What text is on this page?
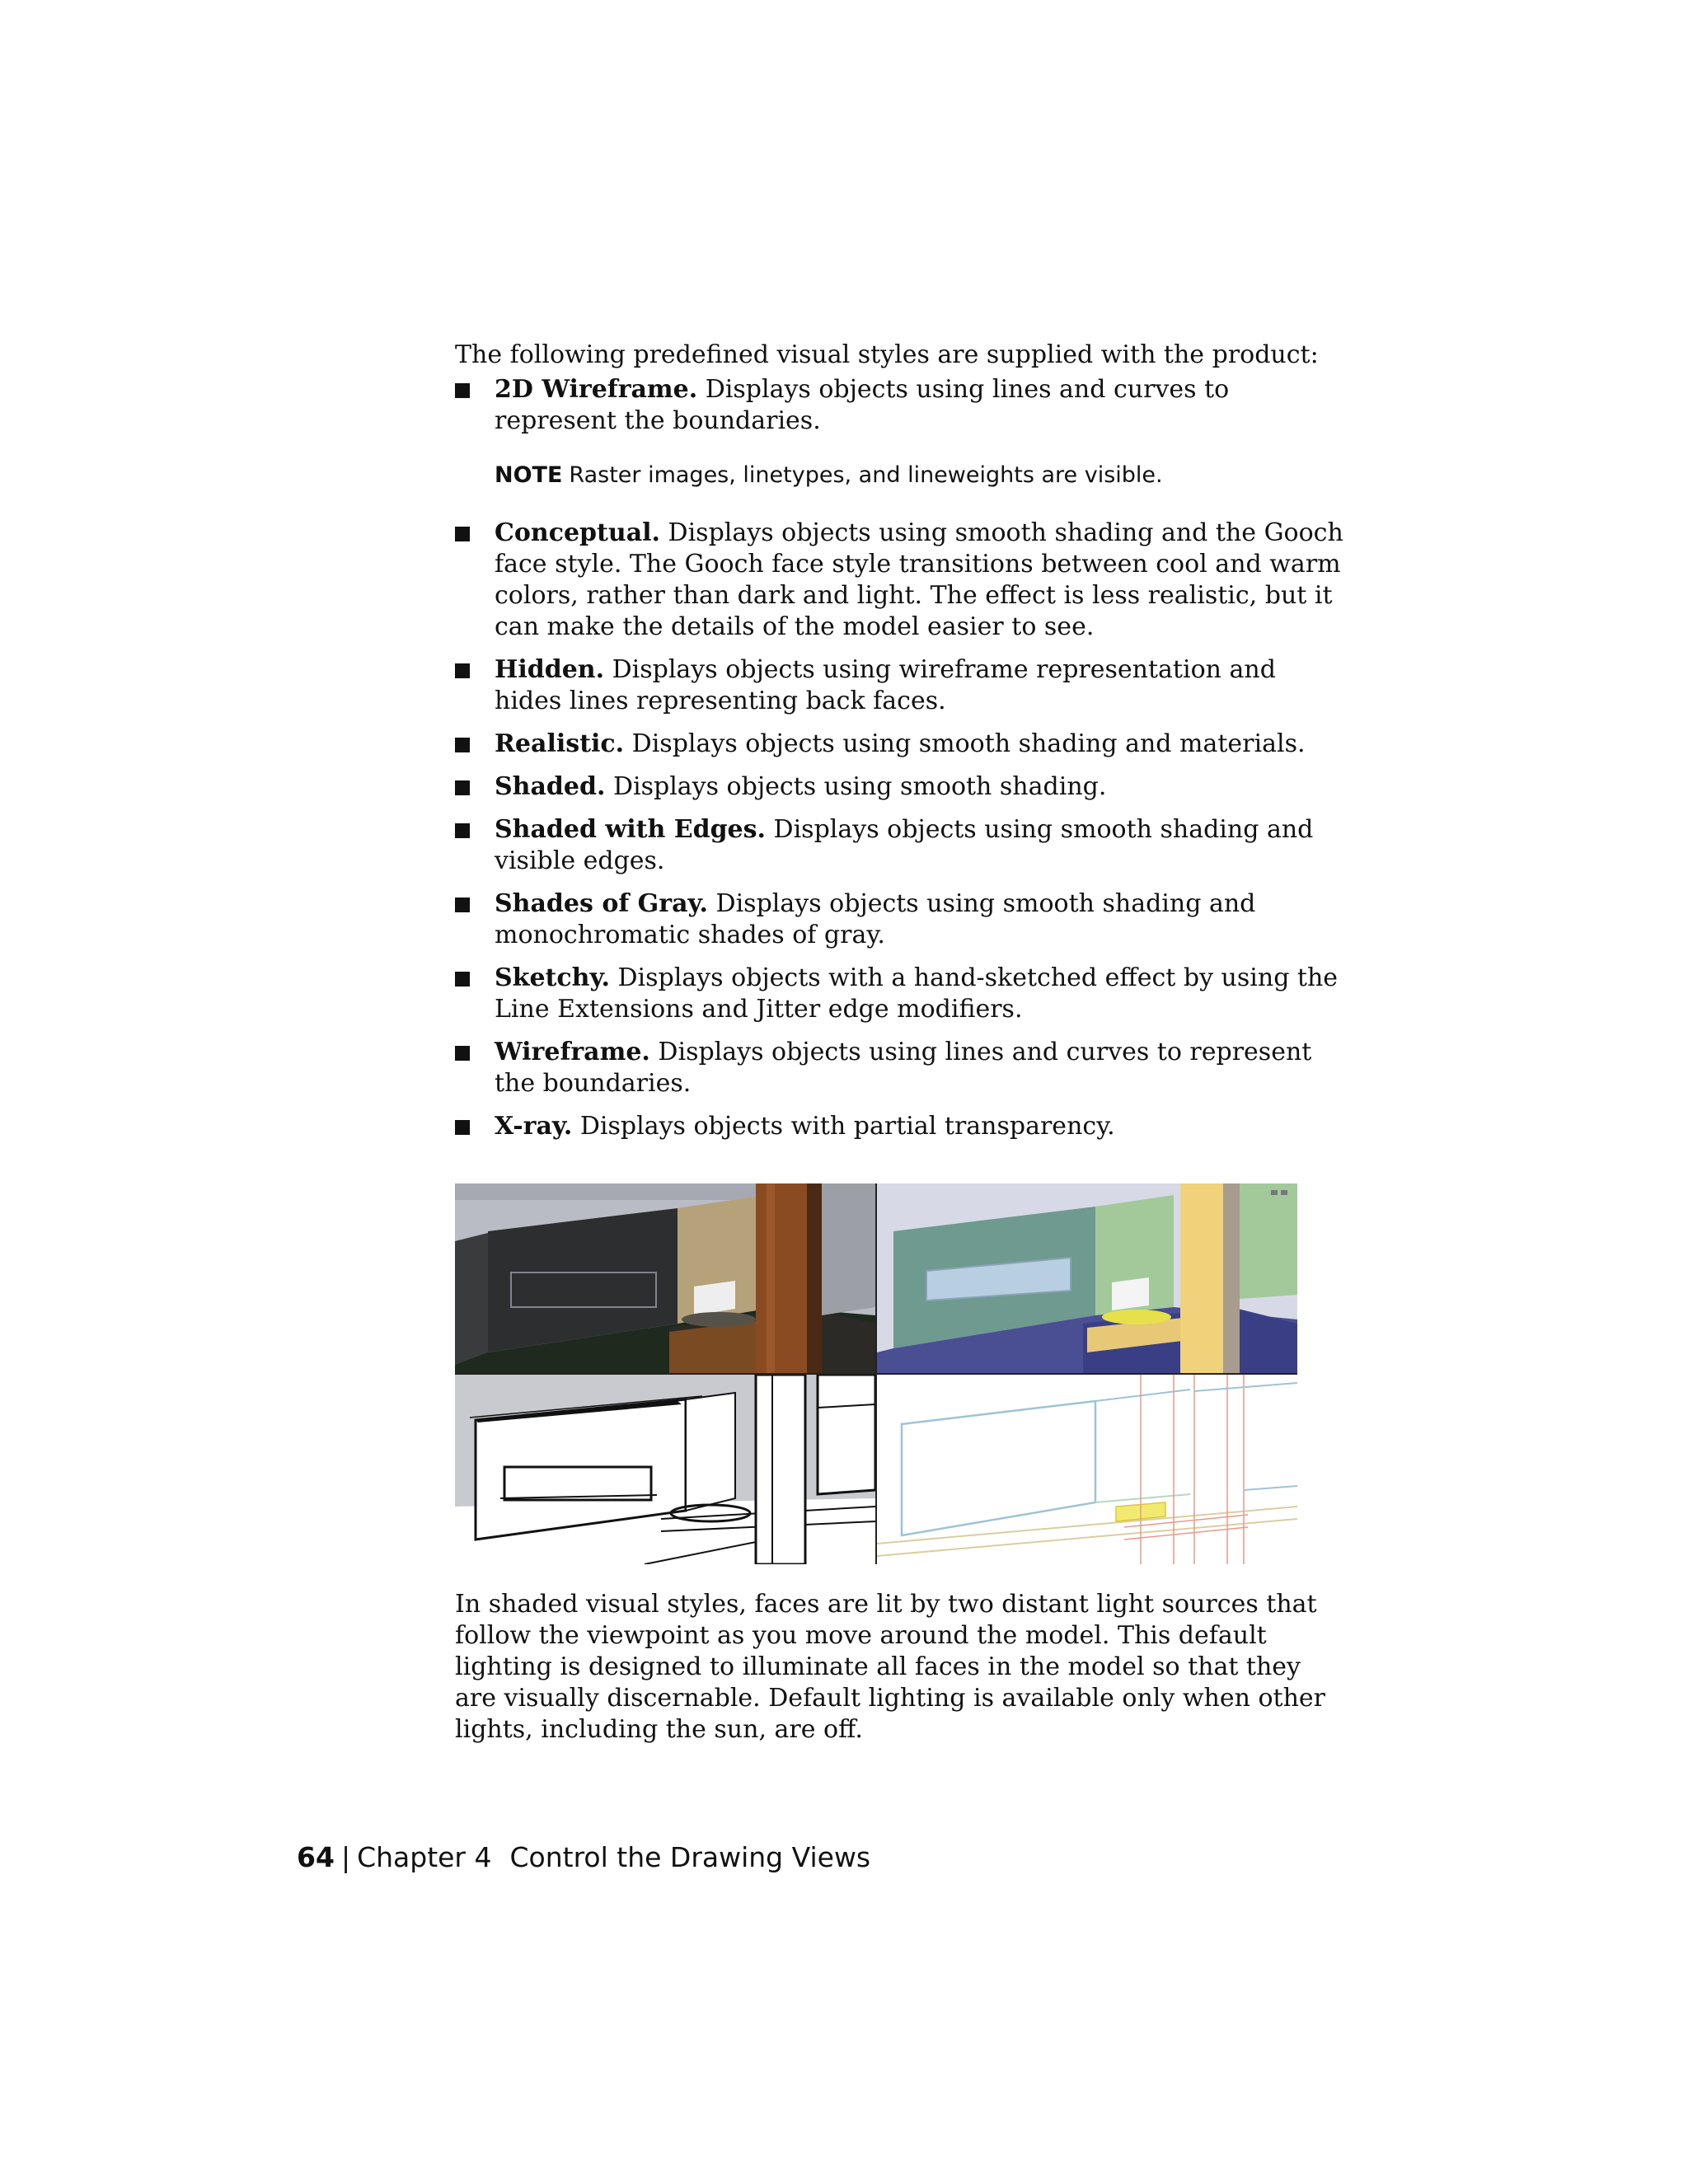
The following predefined visual styles are supplied with the product:

2D Wireframe. Displays objects using lines and curves to represent the boundaries.
NOTE Raster images, linetypes, and lineweights are visible.
Conceptual. Displays objects using smooth shading and the Gooch face style. The Gooch face style transitions between cool and warm colors, rather than dark and light. The effect is less realistic, but it can make the details of the model easier to see.
Hidden. Displays objects using wireframe representation and hides lines representing back faces.
Realistic. Displays objects using smooth shading and materials.
Shaded. Displays objects using smooth shading.
Shaded with Edges. Displays objects using smooth shading and visible edges.
Shades of Gray. Displays objects using smooth shading and monochromatic shades of gray.
Sketchy. Displays objects with a hand-sketched effect by using the Line Extensions and Jitter edge modifiers.
Wireframe. Displays objects using lines and curves to represent the boundaries.
X-ray. Displays objects with partial transparency.

In shaded visual styles, faces are lit by two distant light sources that follow the viewpoint as you move around the model. This default lighting is designed to illuminate all faces in the model so that they are visually discernable. Default lighting is available only when other lights, including the sun, are off.

64 | Chapter 4 Control the Drawing Views
